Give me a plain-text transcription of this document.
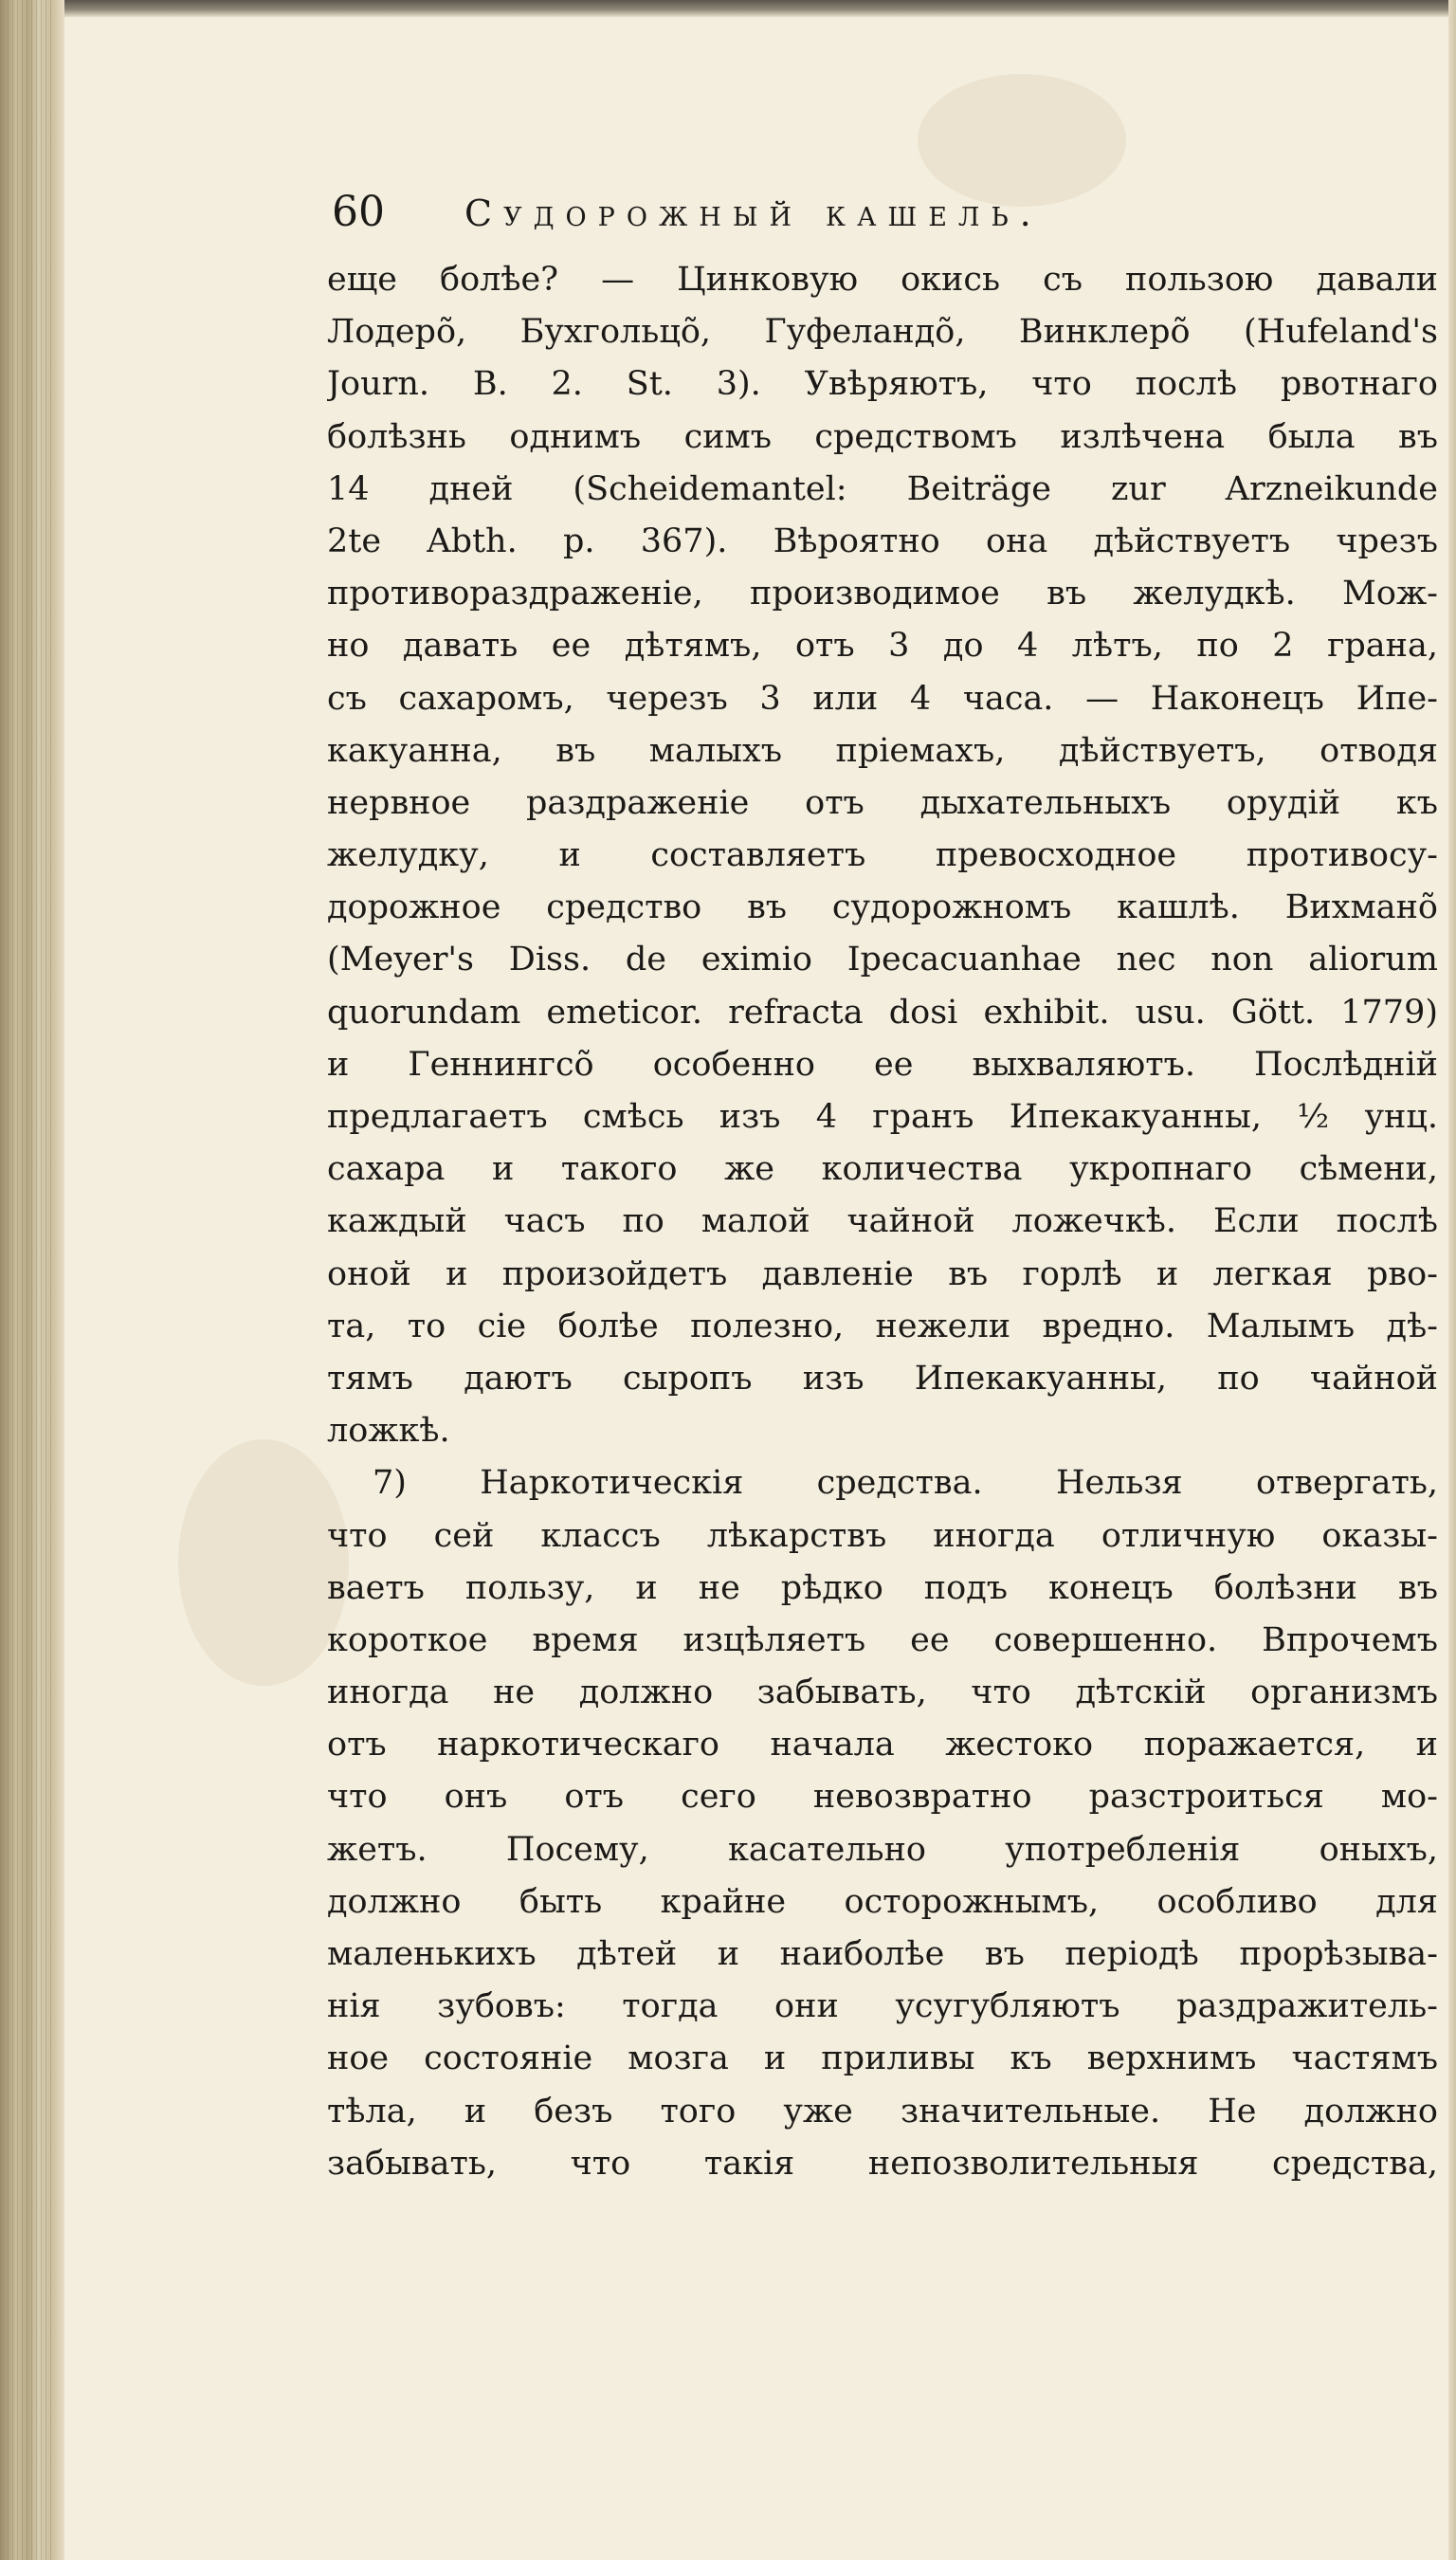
60	Судорожный кашель.
еще болѣе? — Цинковую окись съ пользою давали
Лодерõ, Бухгольцõ, Гуфеландõ, Винклерõ (Hufeland's
Journ. B. 2. St. 3). Увѣряютъ, что послѣ рвотнаго
болѣзнь однимъ симъ средствомъ излѣчена была въ
14 дней (Scheidemantel: Beiträge zur Arzneikunde
2te Abth. p. 367). Вѣроятно она дѣйствуетъ чрезъ
противораздраженіе, производимое въ желудкѣ. Мож-
но давать ее дѣтямъ, отъ 3 до 4 лѣтъ, по 2 грана,
съ сахаромъ, черезъ 3 или 4 часа. — Наконецъ Ипе-
какуанна, въ малыхъ пріемахъ, дѣйствуетъ, отводя
нервное раздраженіе отъ дыхательныхъ орудій къ
желудку, и составляетъ превосходное противосу-
дорожное средство въ судорожномъ кашлѣ. Вихманõ
(Meyer's Diss. de eximio Ipecacuanhae nec non aliorum
quorundam emeticor. refracta dosi exhibit. usu. Gött. 1779)
и Геннингсõ особенно ее выхваляютъ. Послѣдній
предлагаетъ смѣсь изъ 4 гранъ Ипекакуанны, ½ унц.
сахара и такого же количества укропнаго сѣмени,
каждый часъ по малой чайной ложечкѣ. Если послѣ
оной и произойдетъ давленіе въ горлѣ и легкая рво-
та, то сіе болѣе полезно, нежели вредно. Малымъ дѣ-
тямъ даютъ сыропъ изъ Ипекакуанны, по чайной
ложкѣ.
7) Наркотическія средства. Нельзя отвергать,
что сей классъ лѣкарствъ иногда отличную оказы-
ваетъ пользу, и не рѣдко подъ конецъ болѣзни въ
короткое время изцѣляетъ ее совершенно. Впрочемъ
иногда не должно забывать, что дѣтскій организмъ
отъ наркотическаго начала жестоко поражается, и
что онъ отъ сего невозвратно разстроиться мо-
жетъ. Посему, касательно употребленія оныхъ,
должно быть крайне осторожнымъ, особливо для
маленькихъ дѣтей и наиболѣе въ періодѣ прорѣзыва-
нія зубовъ: тогда они усугубляютъ раздражитель-
ное состояніе мозга и приливы къ верхнимъ частямъ
тѣла, и безъ того уже значительные. Не должно
забывать, что такія непозволительныя средства,
